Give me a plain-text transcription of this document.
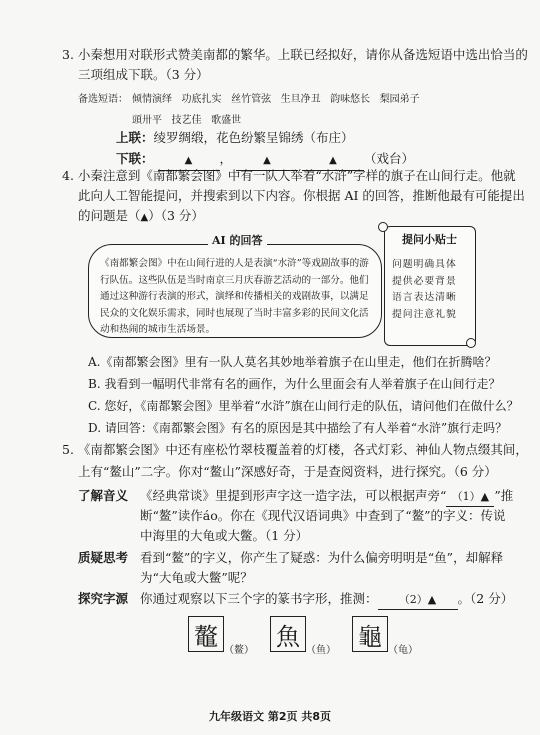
3. 小秦想用对联形式赞美南都的繁华。上联已经拟好，请你从备选短语中选出恰当的
三项组成下联。（3 分）
备选短语： 倾情演绎   功底扎实   丝竹管弦   生旦净丑   韵味悠长   梨园弟子
頭卅平   技艺佳   歌盛世
上联：绫罗绸缎，花色纷繁呈锦绣（布庄）
下联：	▲ ，	▲	▲ （戏台）
4. 小秦注意到《南都繁会图》中有一队人举着“水浒”字样的旗子在山间行走。他就
此向人工智能提问，并搜索到以下内容。你根据 AI 的回答，推断他最有可能提出
的问题是（▲）（3 分）
AI 的回答
《南都繁会图》中在山间行进的人是表演“水浒”等戏剧故事的游行队伍。这些队伍是当时南京三月庆春游艺活动的一部分。他们通过这种游行表演的形式，演绎和传播相关的戏剧故事，以满足民众的文化娱乐需求，同时也展现了当时丰富多彩的民间文化活动和热闹的城市生活场景。
提问小贴士
问题明确具体提供必要背景语言表达清晰提问注意礼貌
A.《南都繁会图》里有一队人莫名其妙地举着旗子在山里走，他们在折腾啥？
B. 我看到一幅明代非常有名的画作，为什么里面会有人举着旗子在山间行走？
C. 您好，《南都繁会图》里举着“水浒”旗在山间行走的队伍，请问他们在做什么？
D. 请回答：《南都繁会图》有名的原因是其中描绘了有人举着“水浒”旗行走吗？
5. 《南都繁会图》中还有座松竹翠枝覆盖着的灯楼，各式灯彩、神仙人物点缀其间，
上有“鳌山”二字。你对“鳌山”深感好奇，于是查阅资料，进行探究。（6 分）
了解音义 《经典常谈》里提到形声字这一造字法，可以根据声旁“ （1）▲ ”推
断“鳌”读作áo。你在《现代汉语词典》中查到了“鳌”的字义：传说
中海里的大龟或大鳖。（1 分）
质疑思考 看到“鳌”的字义，你产生了疑惑：为什么偏旁明明是“鱼”，却解释
为“大龟或大鳖”呢？
探究字源 你通过观察以下三个字的篆书字形，推测： （2）▲ 。（2 分）
鼇 （鳌） 魚 （鱼） 龜 （龟）
九年级语文 第2页 共8页
